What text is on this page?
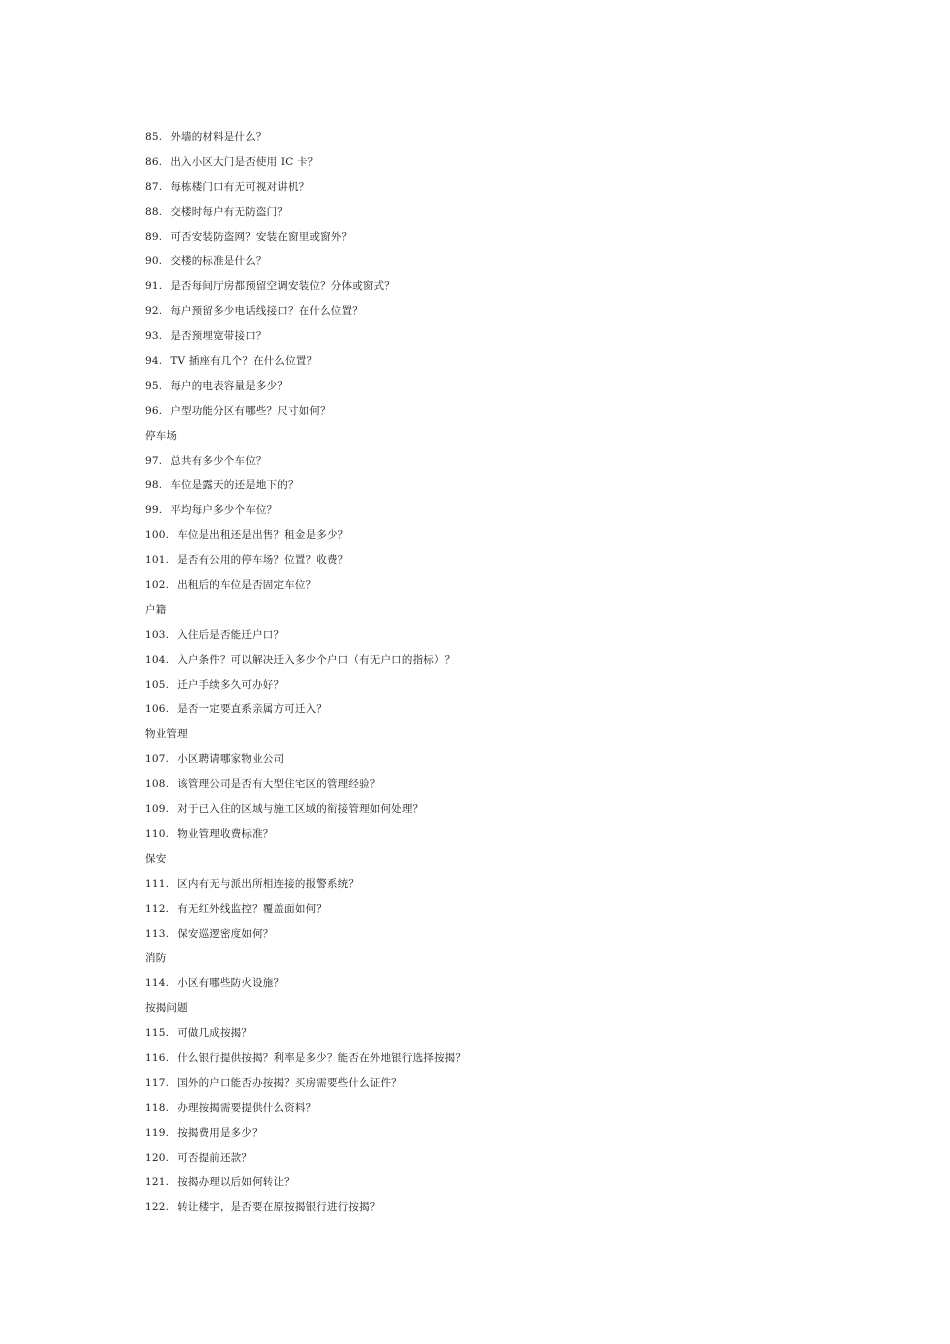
85. 外墙的材料是什么？
86. 出入小区大门是否使用 IC 卡？
87. 每栋楼门口有无可视对讲机？
88. 交楼时每户有无防盗门？
89. 可否安装防盗网？安装在窗里或窗外？
90. 交楼的标准是什么？
91. 是否每间厅房都预留空调安装位？分体或窗式？
92. 每户预留多少电话线接口？在什么位置？
93. 是否预埋宽带接口？
94. TV 插座有几个？在什么位置？
95. 每户的电表容量是多少？
96. 户型功能分区有哪些？尺寸如何？
停车场
97. 总共有多少个车位？
98. 车位是露天的还是地下的？
99. 平均每户多少个车位？
100. 车位是出租还是出售？租金是多少？
101. 是否有公用的停车场？位置？收费？
102. 出租后的车位是否固定车位？
户籍
103. 入住后是否能迁户口？
104. 入户条件？可以解决迁入多少个户口（有无户口的指标）？
105. 迁户手续多久可办好？
106. 是否一定要直系亲属方可迁入？
物业管理
107. 小区聘请哪家物业公司
108. 该管理公司是否有大型住宅区的管理经验？
109. 对于已入住的区域与施工区域的衔接管理如何处理？
110. 物业管理收费标准？
保安
111. 区内有无与派出所相连接的报警系统？
112. 有无红外线监控？覆盖面如何？
113. 保安巡逻密度如何？
消防
114. 小区有哪些防火设施？
按揭问题
115. 可做几成按揭？
116. 什么银行提供按揭？利率是多少？能否在外地银行选择按揭？
117. 国外的户口能否办按揭？买房需要些什么证件？
118. 办理按揭需要提供什么资料？
119. 按揭费用是多少？
120. 可否提前还款？
121. 按揭办理以后如何转让？
122. 转让楼宇，是否要在原按揭银行进行按揭？
